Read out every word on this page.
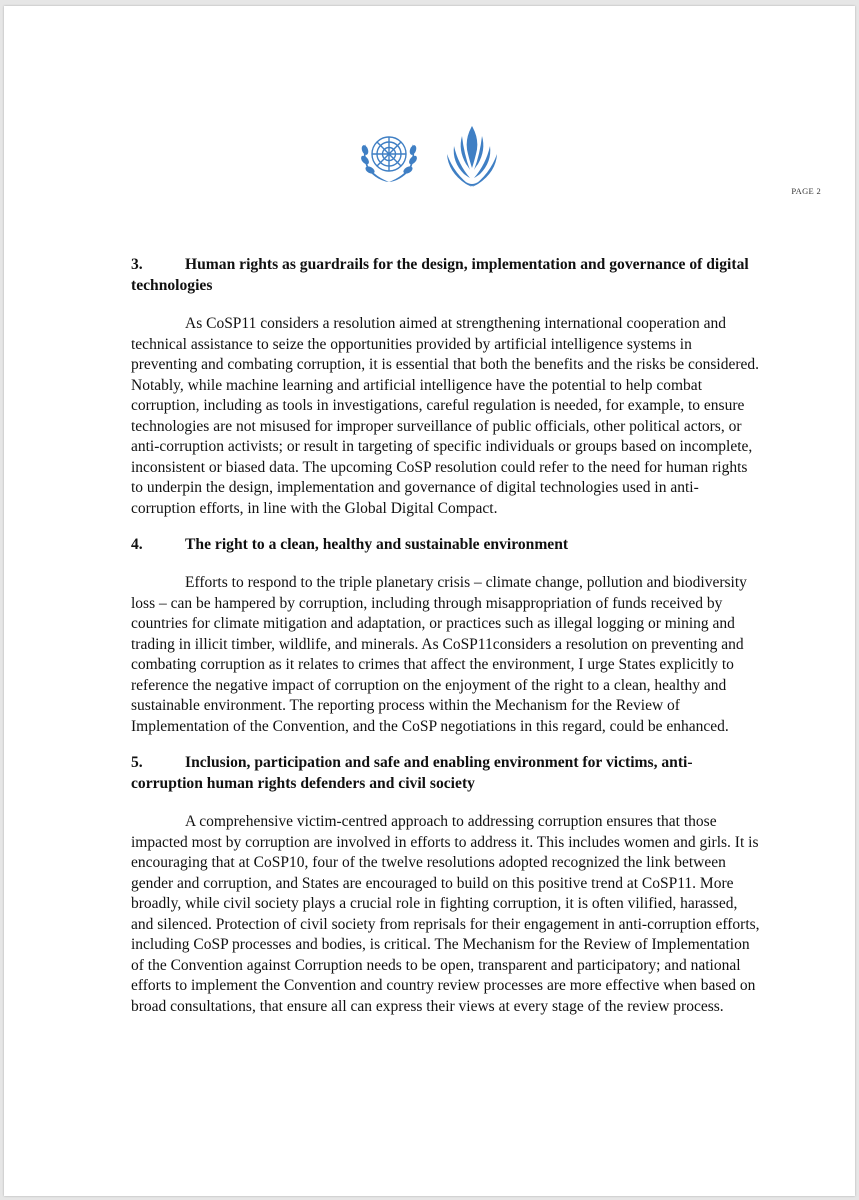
PAGE 2

3.	Human rights as guardrails for the design, implementation and governance of digital technologies

As CoSP11 considers a resolution aimed at strengthening international cooperation and technical assistance to seize the opportunities provided by artificial intelligence systems in preventing and combating corruption, it is essential that both the benefits and the risks be considered. Notably, while machine learning and artificial intelligence have the potential to help combat corruption, including as tools in investigations, careful regulation is needed, for example, to ensure technologies are not misused for improper surveillance of public officials, other political actors, or anti-corruption activists; or result in targeting of specific individuals or groups based on incomplete, inconsistent or biased data. The upcoming CoSP resolution could refer to the need for human rights to underpin the design, implementation and governance of digital technologies used in anti-corruption efforts, in line with the Global Digital Compact.

4.	The right to a clean, healthy and sustainable environment

Efforts to respond to the triple planetary crisis – climate change, pollution and biodiversity loss – can be hampered by corruption, including through misappropriation of funds received by countries for climate mitigation and adaptation, or practices such as illegal logging or mining and trading in illicit timber, wildlife, and minerals. As CoSP11considers a resolution on preventing and combating corruption as it relates to crimes that affect the environment, I urge States explicitly to reference the negative impact of corruption on the enjoyment of the right to a clean, healthy and sustainable environment. The reporting process within the Mechanism for the Review of Implementation of the Convention, and the CoSP negotiations in this regard, could be enhanced.

5.	Inclusion, participation and safe and enabling environment for victims, anti-corruption human rights defenders and civil society

A comprehensive victim-centred approach to addressing corruption ensures that those impacted most by corruption are involved in efforts to address it. This includes women and girls. It is encouraging that at CoSP10, four of the twelve resolutions adopted recognized the link between gender and corruption, and States are encouraged to build on this positive trend at CoSP11. More broadly, while civil society plays a crucial role in fighting corruption, it is often vilified, harassed, and silenced. Protection of civil society from reprisals for their engagement in anti-corruption efforts, including CoSP processes and bodies, is critical. The Mechanism for the Review of Implementation of the Convention against Corruption needs to be open, transparent and participatory; and national efforts to implement the Convention and country review processes are more effective when based on broad consultations, that ensure all can express their views at every stage of the review process.
